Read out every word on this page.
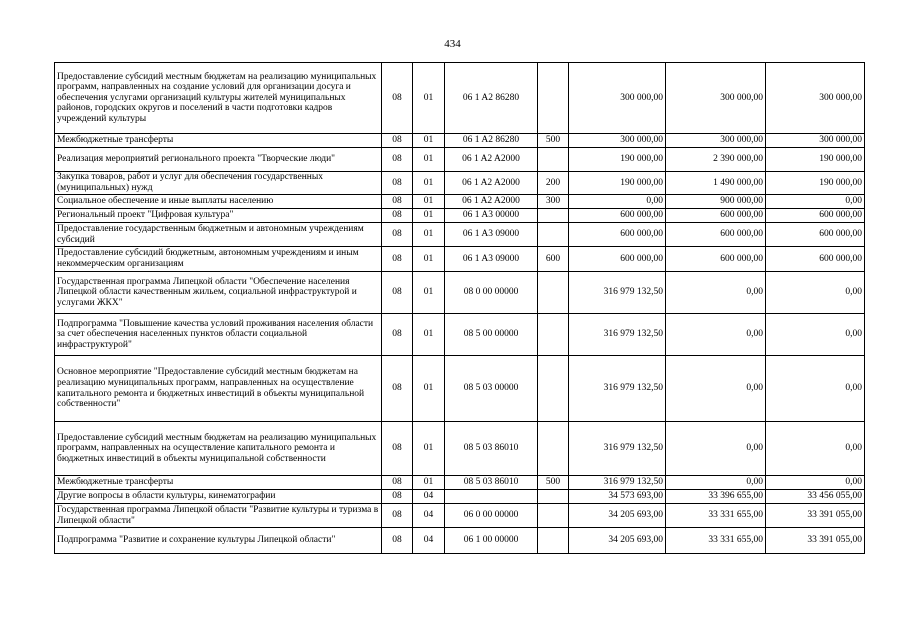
434
Предоставление субсидий местным бюджетам на реализацию муниципальных программ, направленных на создание условий для организации досуга и обеспечения услугами организаций культуры жителей муниципальных районов, городских округов и поселений в части подготовки кадров учреждений культуры	08	01	06 1 A2 86280		300 000,00	300 000,00	300 000,00
Межбюджетные трансферты	08	01	06 1 A2 86280	500	300 000,00	300 000,00	300 000,00
Реализация мероприятий регионального проекта "Творческие люди"	08	01	06 1 A2 A2000		190 000,00	2 390 000,00	190 000,00
Закупка товаров, работ и услуг для обеспечения государственных (муниципальных) нужд	08	01	06 1 A2 A2000	200	190 000,00	1 490 000,00	190 000,00
Социальное обеспечение и иные выплаты населению	08	01	06 1 A2 A2000	300	0,00	900 000,00	0,00
Региональный проект "Цифровая культура"	08	01	06 1 A3 00000		600 000,00	600 000,00	600 000,00
Предоставление государственным бюджетным и автономным учреждениям субсидий	08	01	06 1 A3 09000		600 000,00	600 000,00	600 000,00
Предоставление субсидий бюджетным, автономным учреждениям и иным некоммерческим организациям	08	01	06 1 A3 09000	600	600 000,00	600 000,00	600 000,00
Государственная программа Липецкой области "Обеспечение населения Липецкой области качественным жильем, социальной инфраструктурой и услугами ЖКХ"	08	01	08 0 00 00000		316 979 132,50	0,00	0,00
Подпрограмма "Повышение качества условий проживания населения области за счет обеспечения населенных пунктов области социальной инфраструктурой"	08	01	08 5 00 00000		316 979 132,50	0,00	0,00
Основное мероприятие "Предоставление субсидий местным бюджетам на реализацию муниципальных программ, направленных на осуществление капитального ремонта и бюджетных инвестиций в объекты муниципальной собственности"	08	01	08 5 03 00000		316 979 132,50	0,00	0,00
Предоставление субсидий местным бюджетам на реализацию муниципальных программ, направленных на осуществление капитального ремонта и бюджетных инвестиций в объекты муниципальной собственности	08	01	08 5 03 86010		316 979 132,50	0,00	0,00
Межбюджетные трансферты	08	01	08 5 03 86010	500	316 979 132,50	0,00	0,00
Другие вопросы в области культуры, кинематографии	08	04			34 573 693,00	33 396 655,00	33 456 055,00
Государственная программа Липецкой области "Развитие культуры и туризма в Липецкой области"	08	04	06 0 00 00000		34 205 693,00	33 331 655,00	33 391 055,00
Подпрограмма "Развитие и сохранение культуры Липецкой области"	08	04	06 1 00 00000		34 205 693,00	33 331 655,00	33 391 055,00
